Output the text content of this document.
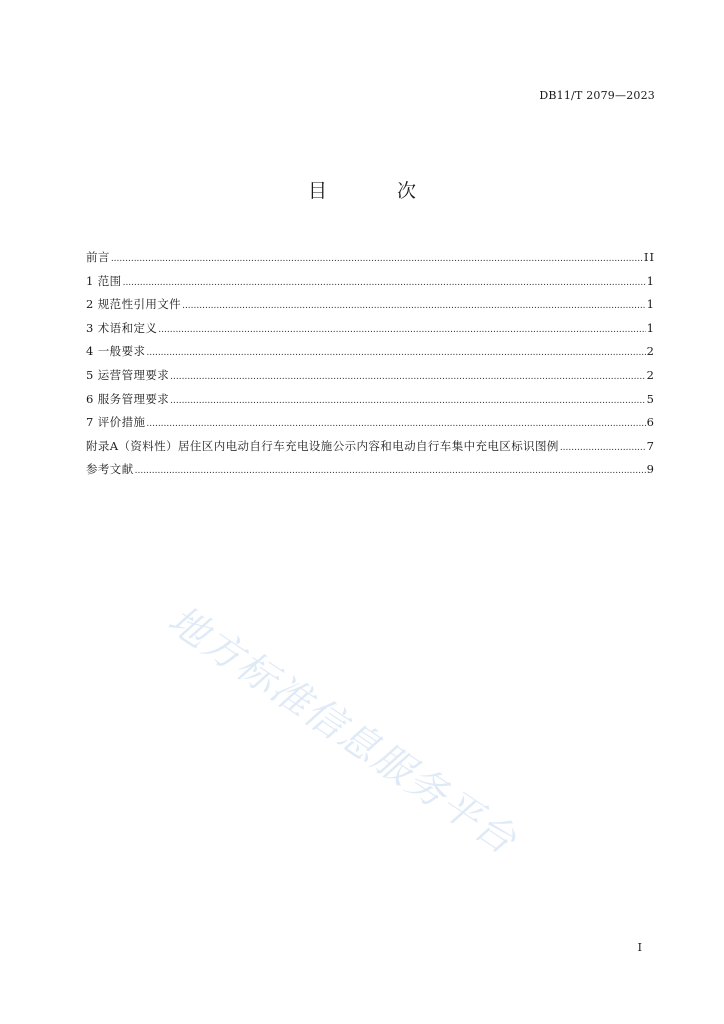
DB11/T 2079—2023
目 次
前言 .....	II
1 范围 .....	1
2 规范性引用文件 .....	1
3 术语和定义 .....	1
4 一般要求 .....	2
5 运营管理要求 .....	2
6 服务管理要求 .....	5
7 评价措施 .....	6
附录A（资料性）居住区内电动自行车充电设施公示内容和电动自行车集中充电区标识图例 .....	7
参考文献 .....	9
地方标准信息服务平台
I
